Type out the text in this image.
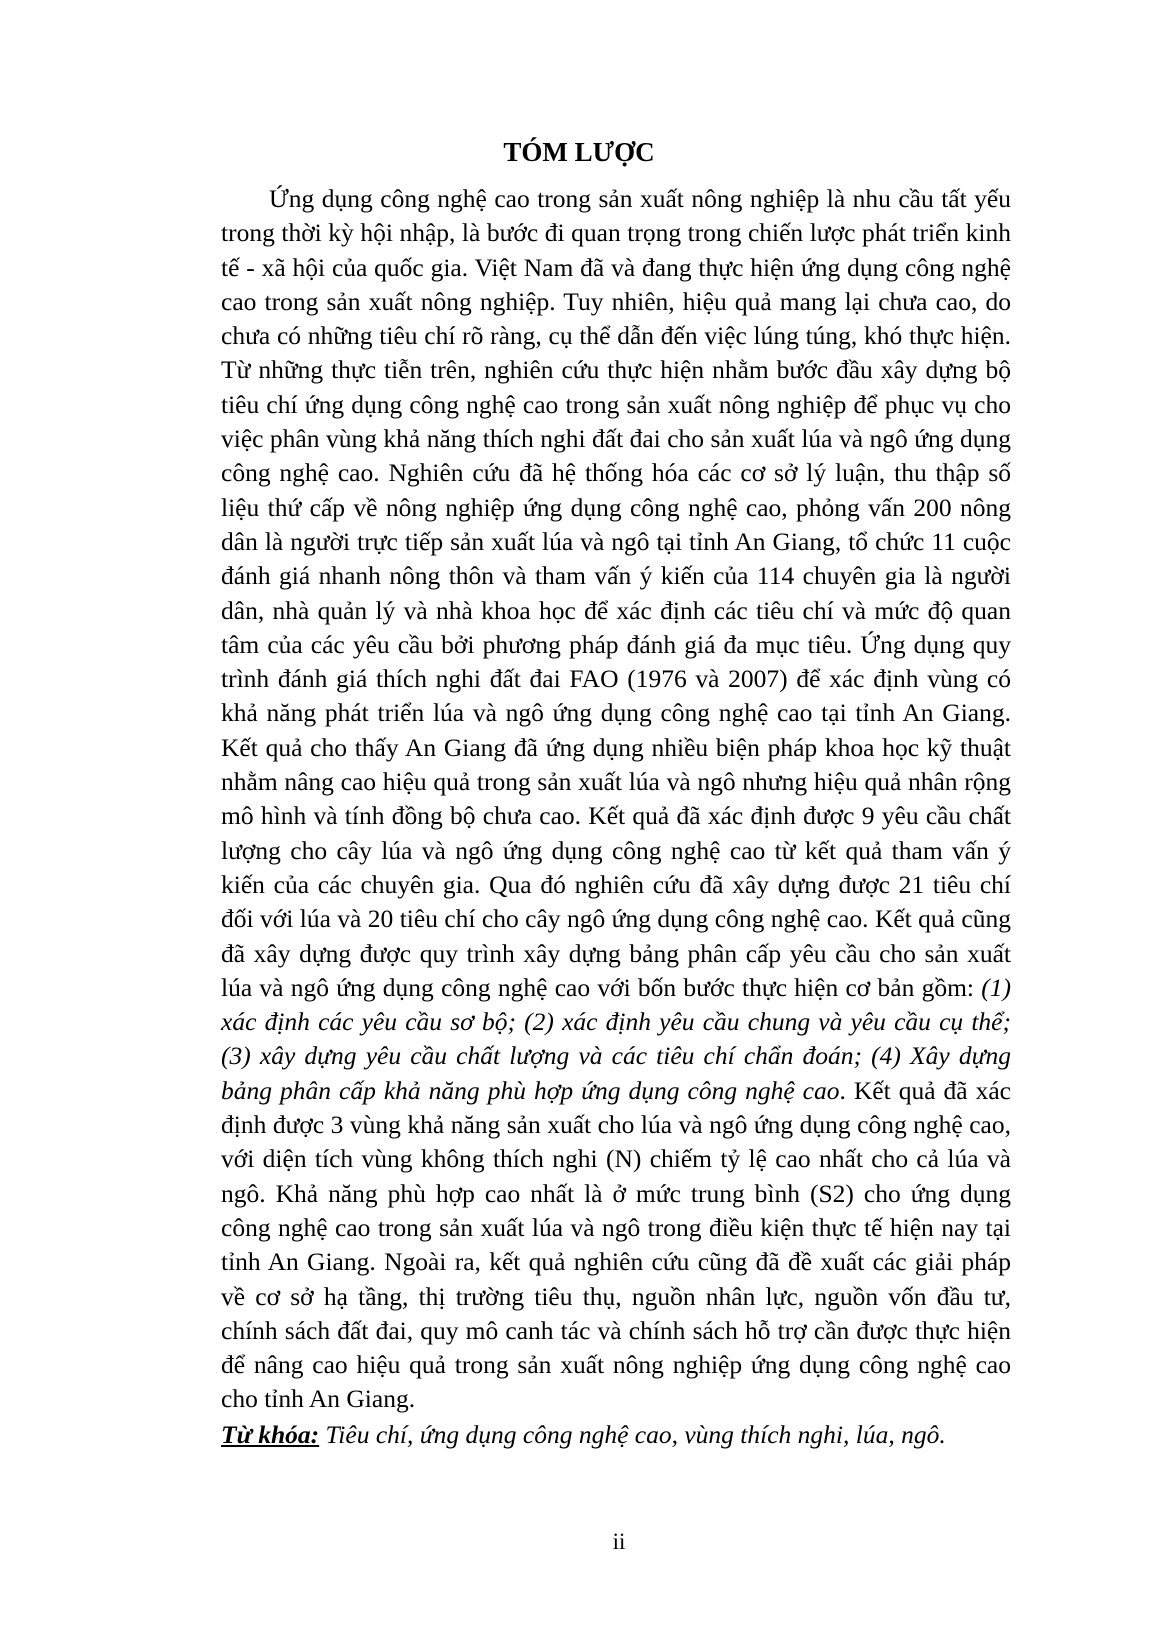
TÓM LƯỢC

Ứng dụng công nghệ cao trong sản xuất nông nghiệp là nhu cầu tất yếu trong thời kỳ hội nhập, là bước đi quan trọng trong chiến lược phát triển kinh tế - xã hội của quốc gia. Việt Nam đã và đang thực hiện ứng dụng công nghệ cao trong sản xuất nông nghiệp. Tuy nhiên, hiệu quả mang lại chưa cao, do chưa có những tiêu chí rõ ràng, cụ thể dẫn đến việc lúng túng, khó thực hiện. Từ những thực tiễn trên, nghiên cứu thực hiện nhằm bước đầu xây dựng bộ tiêu chí ứng dụng công nghệ cao trong sản xuất nông nghiệp để phục vụ cho việc phân vùng khả năng thích nghi đất đai cho sản xuất lúa và ngô ứng dụng công nghệ cao. Nghiên cứu đã hệ thống hóa các cơ sở lý luận, thu thập số liệu thứ cấp về nông nghiệp ứng dụng công nghệ cao, phỏng vấn 200 nông dân là người trực tiếp sản xuất lúa và ngô tại tỉnh An Giang, tổ chức 11 cuộc đánh giá nhanh nông thôn và tham vấn ý kiến của 114 chuyên gia là người dân, nhà quản lý và nhà khoa học để xác định các tiêu chí và mức độ quan tâm của các yêu cầu bởi phương pháp đánh giá đa mục tiêu. Ứng dụng quy trình đánh giá thích nghi đất đai FAO (1976 và 2007) để xác định vùng có khả năng phát triển lúa và ngô ứng dụng công nghệ cao tại tỉnh An Giang. Kết quả cho thấy An Giang đã ứng dụng nhiều biện pháp khoa học kỹ thuật nhằm nâng cao hiệu quả trong sản xuất lúa và ngô nhưng hiệu quả nhân rộng mô hình và tính đồng bộ chưa cao. Kết quả đã xác định được 9 yêu cầu chất lượng cho cây lúa và ngô ứng dụng công nghệ cao từ kết quả tham vấn ý kiến của các chuyên gia. Qua đó nghiên cứu đã xây dựng được 21 tiêu chí đối với lúa và 20 tiêu chí cho cây ngô ứng dụng công nghệ cao. Kết quả cũng đã xây dựng được quy trình xây dựng bảng phân cấp yêu cầu cho sản xuất lúa và ngô ứng dụng công nghệ cao với bốn bước thực hiện cơ bản gồm: (1) xác định các yêu cầu sơ bộ; (2) xác định yêu cầu chung và yêu cầu cụ thể; (3) xây dựng yêu cầu chất lượng và các tiêu chí chẩn đoán; (4) Xây dựng bảng phân cấp khả năng phù hợp ứng dụng công nghệ cao. Kết quả đã xác định được 3 vùng khả năng sản xuất cho lúa và ngô ứng dụng công nghệ cao, với diện tích vùng không thích nghi (N) chiếm tỷ lệ cao nhất cho cả lúa và ngô. Khả năng phù hợp cao nhất là ở mức trung bình (S2) cho ứng dụng công nghệ cao trong sản xuất lúa và ngô trong điều kiện thực tế hiện nay tại tỉnh An Giang. Ngoài ra, kết quả nghiên cứu cũng đã đề xuất các giải pháp về cơ sở hạ tầng, thị trường tiêu thụ, nguồn nhân lực, nguồn vốn đầu tư, chính sách đất đai, quy mô canh tác và chính sách hỗ trợ cần được thực hiện để nâng cao hiệu quả trong sản xuất nông nghiệp ứng dụng công nghệ cao cho tỉnh An Giang.

Từ khóa: Tiêu chí, ứng dụng công nghệ cao, vùng thích nghi, lúa, ngô.
ii
